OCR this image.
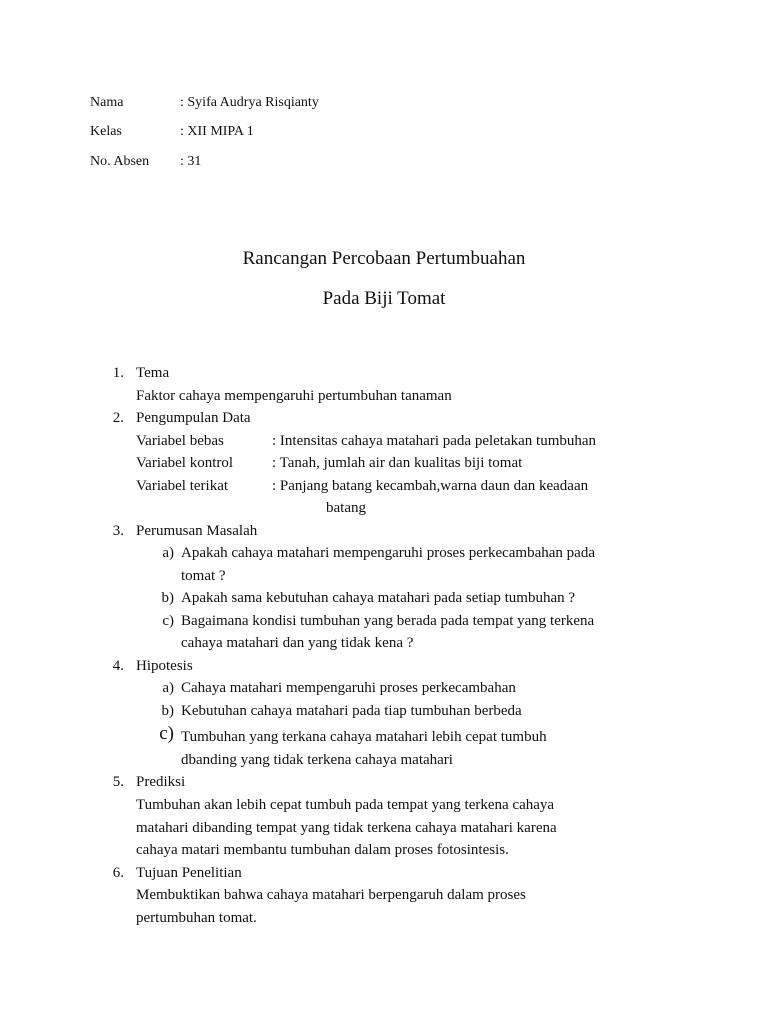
Nama	: Syifa Audrya Risqianty
Kelas	: XII MIPA 1
No. Absen : 31
Rancangan Percobaan Pertumbuahan
Pada Biji Tomat
1. Tema
Faktor cahaya mempengaruhi pertumbuhan tanaman
2. Pengumpulan Data
Variabel bebas	: Intensitas cahaya matahari pada peletakan tumbuhan
Variabel kontrol	: Tanah, jumlah air dan kualitas biji tomat
Variabel terikat	: Panjang batang kecambah,warna daun dan keadaan
batang
3. Perumusan Masalah
a) Apakah cahaya matahari mempengaruhi proses perkecambahan pada
tomat ?
b) Apakah sama kebutuhan cahaya matahari pada setiap tumbuhan ?
c) Bagaimana kondisi tumbuhan yang berada pada tempat yang terkena
cahaya matahari dan yang tidak kena ?
4. Hipotesis
a) Cahaya matahari mempengaruhi proses perkecambahan
b) Kebutuhan cahaya matahari pada tiap tumbuhan berbeda
c) Tumbuhan yang terkana cahaya matahari lebih cepat tumbuh
dbanding yang tidak terkena cahaya matahari
5. Prediksi
Tumbuhan akan lebih cepat tumbuh pada tempat yang terkena cahaya
matahari dibanding tempat yang tidak terkena cahaya matahari karena
cahaya matari membantu tumbuhan dalam proses fotosintesis.
6. Tujuan Penelitian
Membuktikan bahwa cahaya matahari berpengaruh dalam proses
pertumbuhan tomat.
